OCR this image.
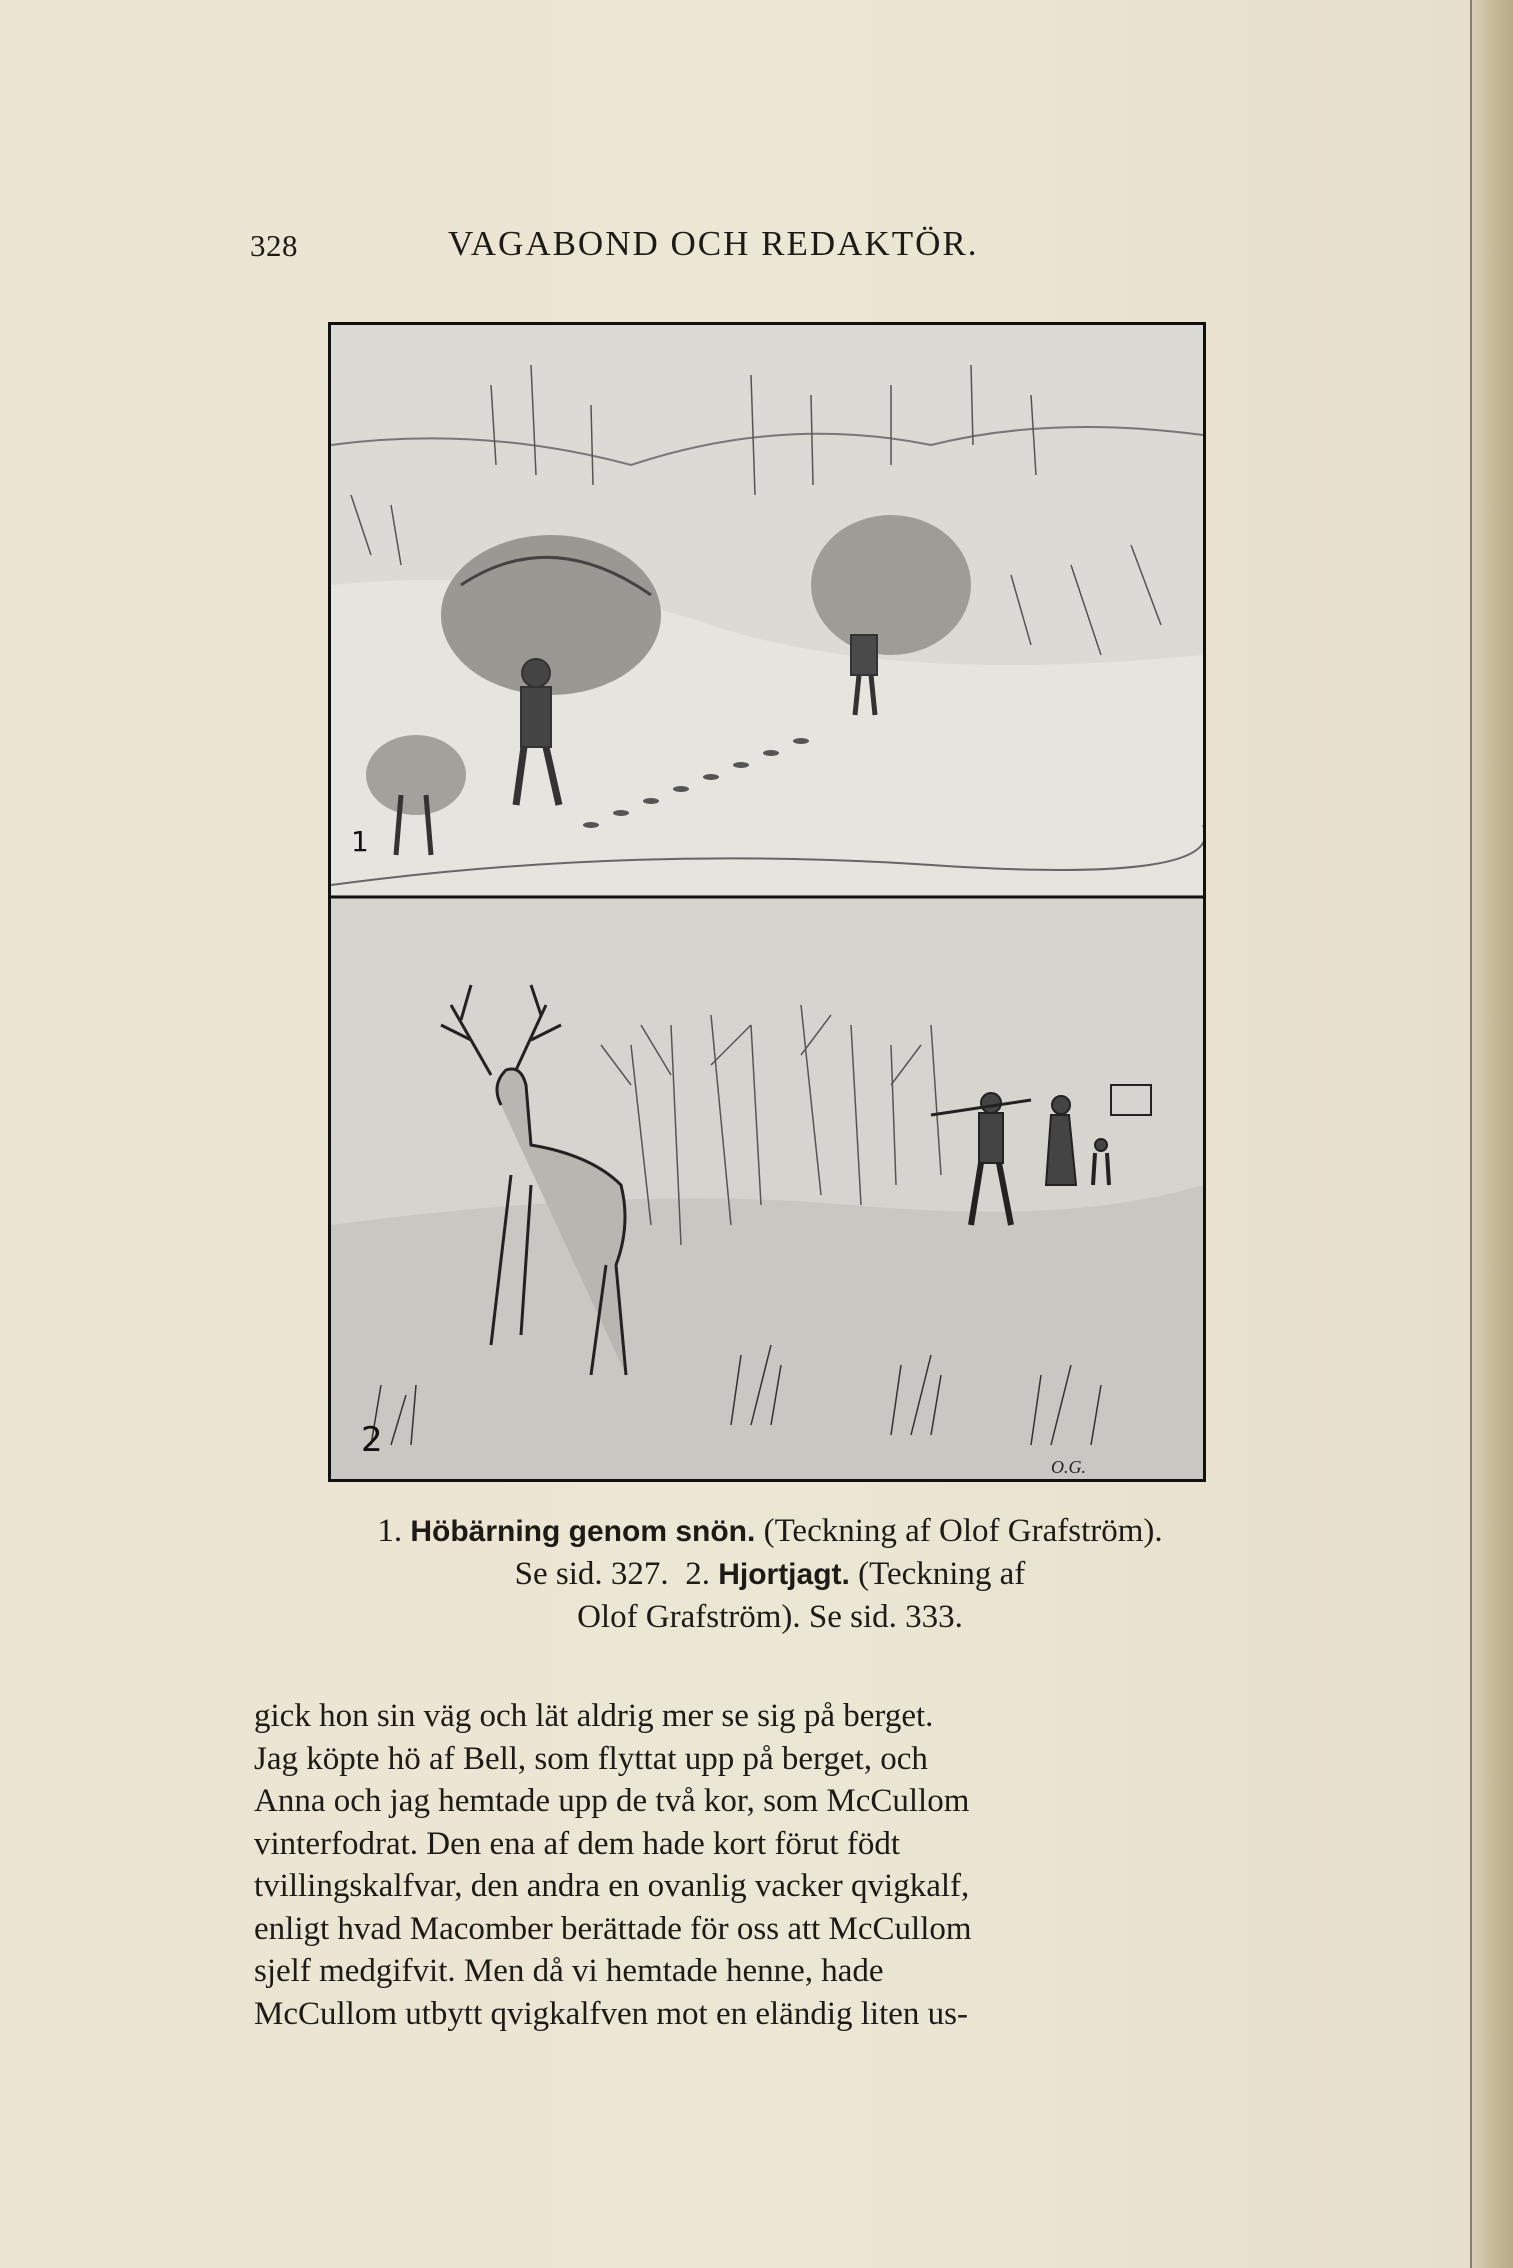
328	VAGABOND OCH REDAKTÖR.
1
2
O.G.
1. Höbärning genom snön. (Teckning af Olof Grafström).
Se sid. 327. 2. Hjortjagt. (Teckning af
Olof Grafström). Se sid. 333.
gick hon sin väg och lät aldrig mer se sig på berget.
Jag köpte hö af Bell, som flyttat upp på berget, och
Anna och jag hemtade upp de två kor, som McCullom
vinterfodrat. Den ena af dem hade kort förut födt
tvillingskalfvar, den andra en ovanlig vacker qvigkalf,
enligt hvad Macomber berättade för oss att McCullom
sjelf medgifvit. Men då vi hemtade henne, hade
McCullom utbytt qvigkalfven mot en eländig liten us-
